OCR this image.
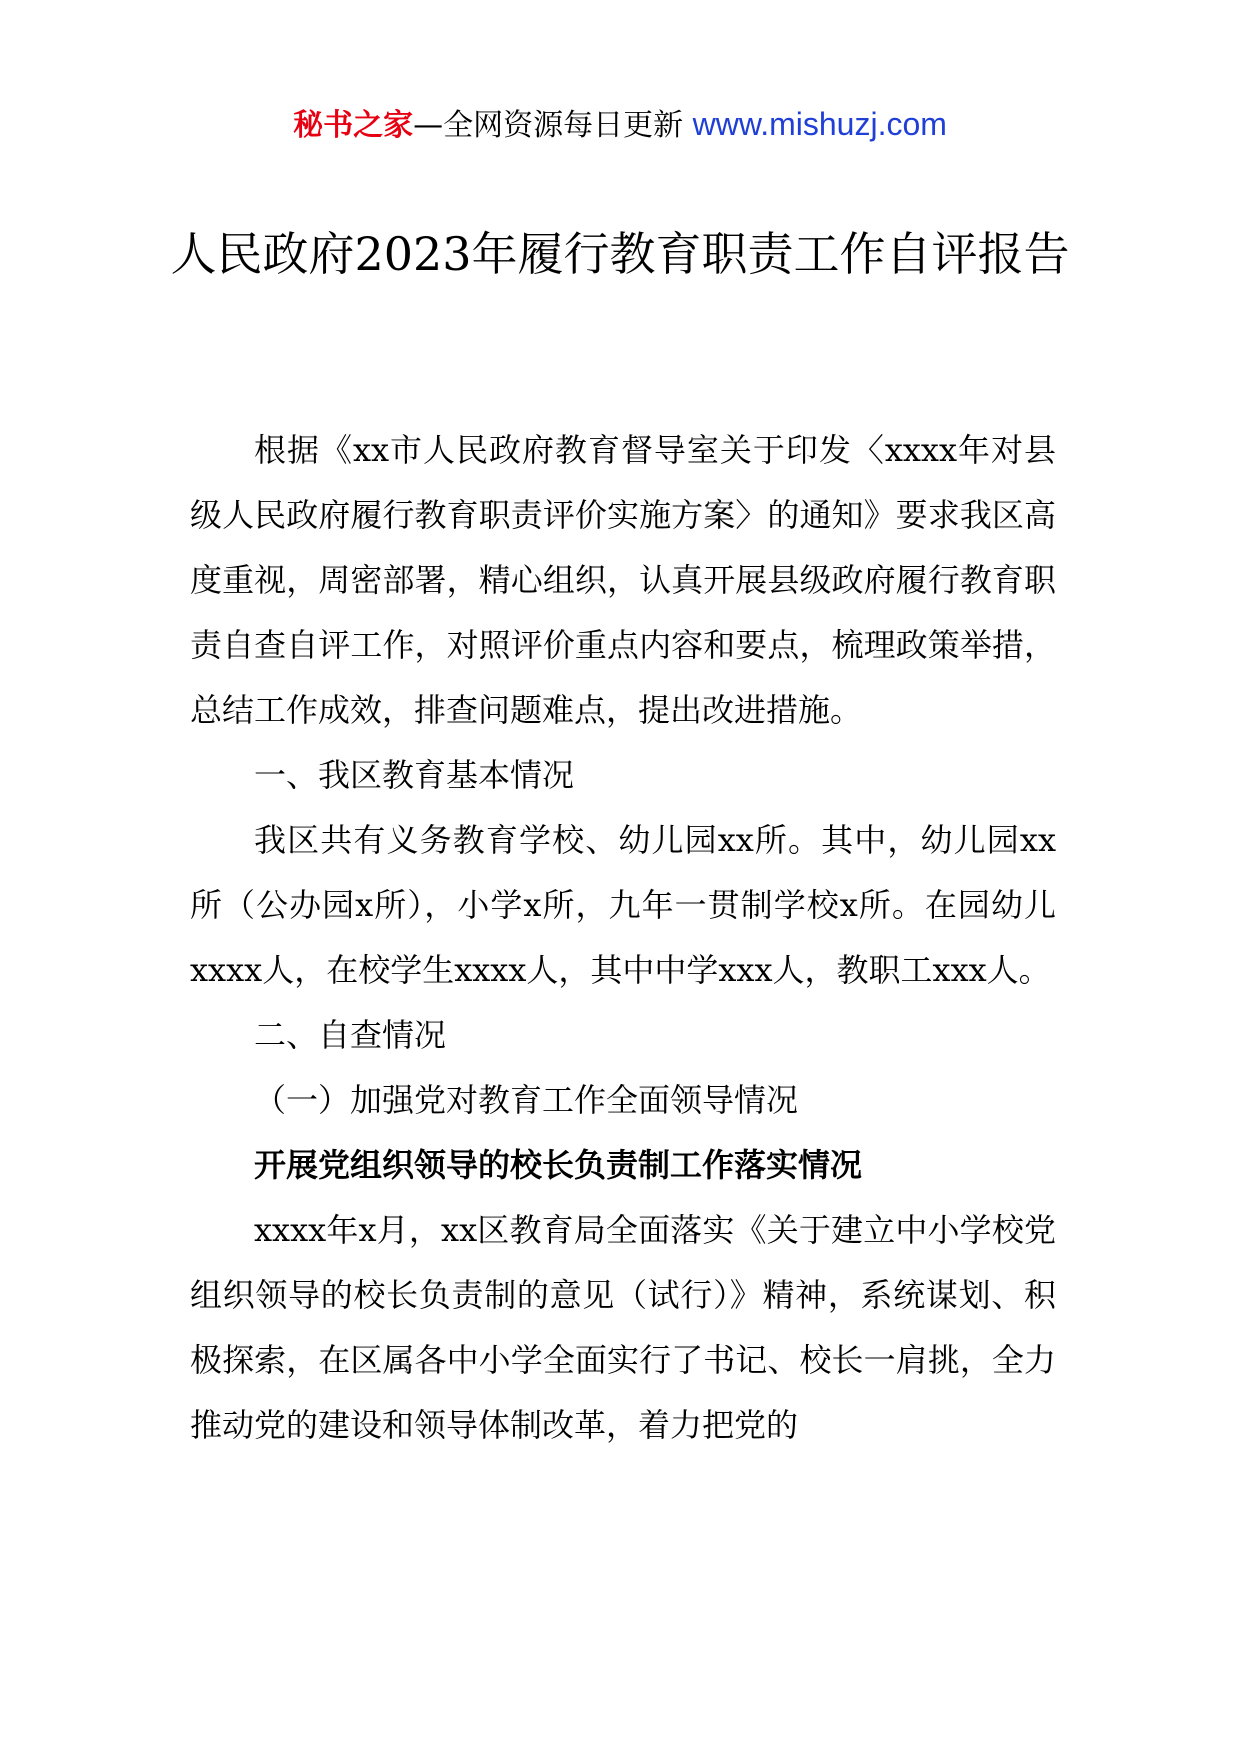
秘书之家—全网资源每日更新 www.mishuzj.com
人民政府2023年履行教育职责工作自评报告

根据《xx市人民政府教育督导室关于印发〈xxxx年对县级人民政府履行教育职责评价实施方案〉的通知》要求我区高度重视，周密部署，精心组织，认真开展县级政府履行教育职责自查自评工作，对照评价重点内容和要点，梳理政策举措，总结工作成效，排查问题难点，提出改进措施。

一、我区教育基本情况

我区共有义务教育学校、幼儿园xx所。其中，幼儿园xx所（公办园x所），小学x所，九年一贯制学校x所。在园幼儿xxxx人，在校学生xxxx人，其中中学xxx人，教职工xxx人。

二、自查情况

（一）加强党对教育工作全面领导情况

开展党组织领导的校长负责制工作落实情况

xxxx年x月，xx区教育局全面落实《关于建立中小学校党组织领导的校长负责制的意见（试行）》精神，系统谋划、积极探索，在区属各中小学全面实行了书记、校长一肩挑，全力推动党的建设和领导体制改革，着力把党的
